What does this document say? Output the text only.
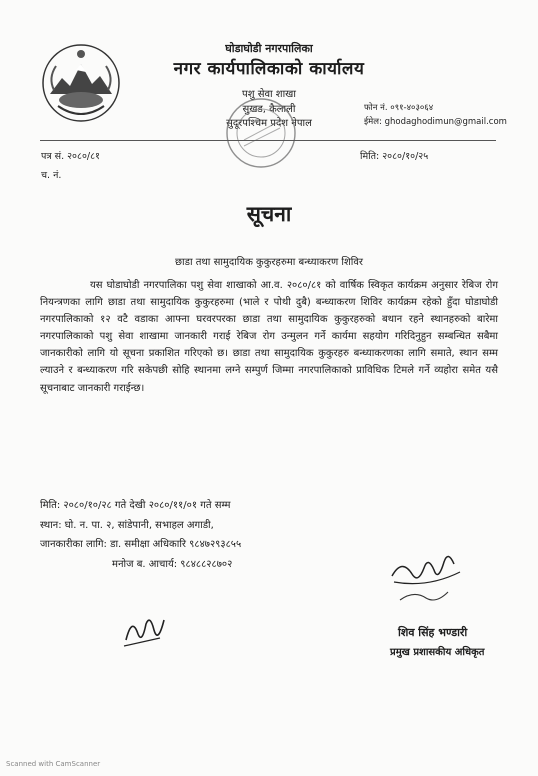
घोडाघोडी नगरपालिका
नगर कार्यपालिकाको कार्यालय
पशु सेवा शाखा
सुखड, कैलाली
सुदूरपश्चिम प्रदेश नेपाल
फोन नं. ०९१-४०३०६४
ईमेल: ghodaghodimun@gmail.com
पत्र सं. २०८०/८१
च. नं.
मिति: २०८०/१०/२५
सूचना
छाडा तथा सामुदायिक कुकुरहरुमा बन्ध्याकरण शिविर
यस घोडाघोडी नगरपालिका पशु सेवा शाखाको आ.व. २०८०/८१ को वार्षिक स्विकृत कार्यक्रम अनुसार रेबिज रोग नियन्त्रणका लागि छाडा तथा सामुदायिक कुकुरहरुमा (भाले र पोथी दुबै) बन्ध्याकरण शिविर कार्यक्रम रहेको हुँदा घोडाघोडी नगरपालिकाको १२ वटै वडाका आफ्ना घरवरपरका छाडा तथा सामुदायिक कुकुरहरुको बथान रहने स्थानहरुको बारेमा नगरपालिकाको पशु सेवा शाखामा जानकारी गराई रेबिज रोग उन्मुलन गर्ने कार्यमा सहयोग गरिदिनुहुन सम्बन्धित सबैमा जानकारीको लागि यो सूचना प्रकाशित गरिएको छ। छाडा तथा सामुदायिक कुकुरहरु बन्ध्याकरणका लागि समाते, स्थान सम्म ल्याउने र बन्ध्याकरण गरि सकेपछी सोहि स्थानमा लग्ने सम्पुर्ण जिम्मा नगरपालिकाको प्राविधिक टिमले गर्ने व्यहोरा समेत यसै सूचनाबाट जानकारी गराईन्छ।
मिति: २०८०/१०/२८ गते देखी २०८०/११/०१ गते सम्म
स्थान: घो. न. पा. २, सांडेपानी, सभाहल अगाडी,
जानकारीका लागि: डा. समीक्षा अधिकारि ९८४७२९३८५५
मनोज ब. आचार्य: ९८४८८२८७०२
शिव सिंह भण्डारी
प्रमुख प्रशासकीय अधिकृत
Scanned with CamScanner
